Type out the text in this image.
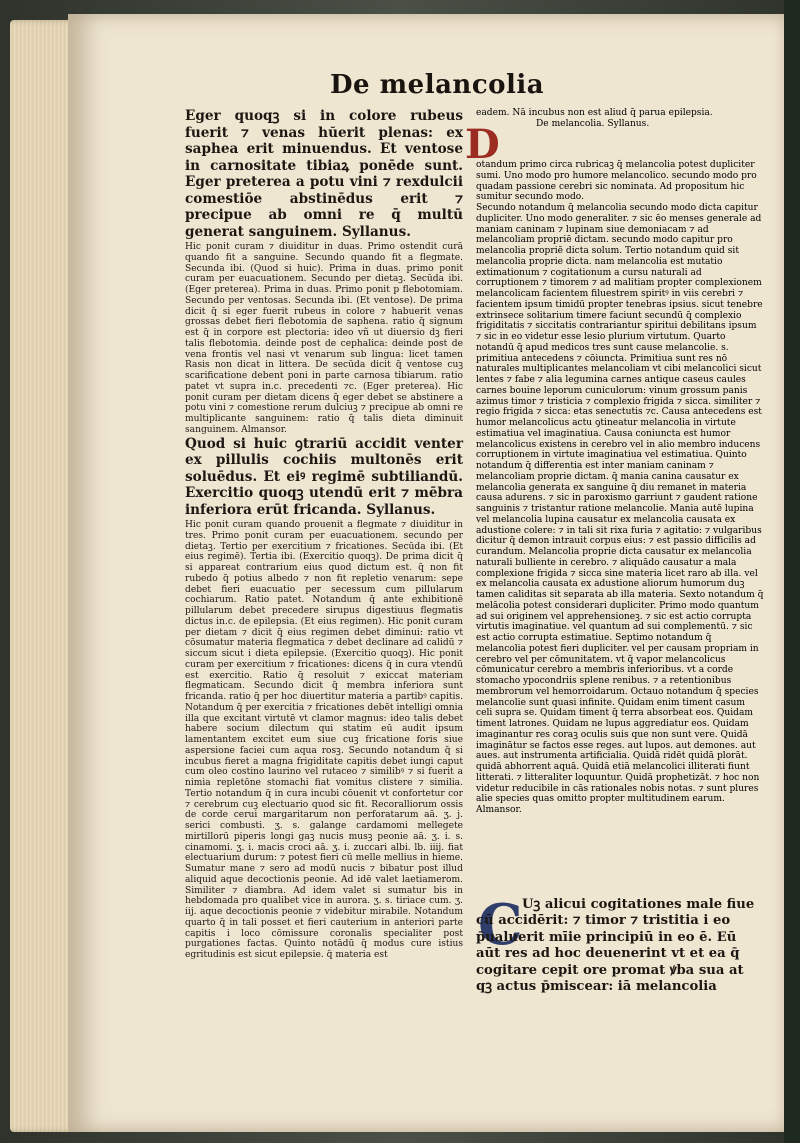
De melancolia

Eger quoqꝫ si in colore rubeus fuerit ⁊ venas hŭerit plenas: ex saphea erit minuendus. Et ventose in carnositate tibiaꝝ ponēde sunt. Eger preterea a potu vini ⁊ rexdulcii comestiōe abstinēdus erit ⁊ precipue ab omni re q̄ multū generat sanguinem. Syllanus.

Hic ponit curam ⁊ diuiditur in duas. Primo ostendit curā quando fit a sanguine. Secundo quando fit a flegmate. Secunda ibi. (Quod si huic). Prima in duas. primo ponit curam per euacuationem. Secundo per dietaꝫ. Secūda ibi. (Eger preterea). Prima in duas. Primo ponit p flebotomiam. Secundo per ventosas. Secunda ibi. (Et ventose). De prima dicit q̄ si eger fuerit rubeus in colore ⁊ habuerit venas grossas debet fieri flebotomia de saphena. ratio q̄ signum est q̄ in corpore est plectoria: ideo vñ ut diuersio dꝫ fieri talis flebotomia. deinde post de cephalica: deinde post de vena frontis vel nasi vt venarum sub lingua: licet tamen Rasis non dicat in littera. De secūda dicit q̄ ventose cuꝫ scarificatione debent poni in parte carnosa tibiarum. ratio patet vt supra in.c. precedenti ⁊c. (Eger preterea). Hic ponit curam per dietam dicens q̄ eger debet se abstinere a potu vini ⁊ comestione rerum dulciuꝫ ⁊ precipue ab omni re multiplicante sanguinem: ratio q̄ talis dieta diminuit sanguinem. Almansor.

Quod si huic ꝯtrariū accidit venter ex pillulis cochiis multonēs erit soluēdus. Et eiꝰ regimē subtiliandū. Exercitio quoqꝫ utendū erit ⁊ mēbra inferiora erūt fricanda. Syllanus.

Hic ponit curam quando prouenit a flegmate ⁊ diuiditur in tres. Primo ponit curam per euacuationem. secundo per dietaꝫ. Tertio per exercitium ⁊ fricationes. Secūda ibi. (Et eius regimē). Tertia ibi. (Exercitio quoqꝫ). De prima dicit q̄ si appareat contrarium eius quod dictum est. q̄ non fit rubedo q̄ potius albedo ⁊ non fit repletio venarum: sepe debet fieri euacuatio per secessum cum pillularum cochiarum. Ratio patet. Notandum q̄ ante exhibitionē pillularum debet precedere sirupus digestiuus flegmatis dictus in.c. de epilepsia. (Et eius regimen). Hic ponit curam per dietam ⁊ dicit q̄ eius regimen debet diminui: ratio vt cōsumatur materia flegmatica ⁊ debet declinare ad calidū ⁊ siccum sicut i dieta epilepsie. (Exercitio quoqꝫ). Hic ponit curam per exercitium ⁊ fricationes: dicens q̄ in cura vtendū est exercitio. Ratio q̄ resoluit ⁊ exiccat materiam flegmaticam. Secundo dicit q̄ membra inferiora sunt fricanda. ratio q̄ per hoc diuertitur materia a partibꝰ capitis. Notandum q̄ per exercitia ⁊ fricationes debēt intelligi omnia illa que excitant virtutē vt clamor magnus: ideo talis debet habere socium dilectum qui statim eū audit ipsum lamentantem excitet eum siue cuꝫ fricatione foris siue aspersione faciei cum aqua rosꝫ. Secundo notandum q̄ si incubus fieret a magna frigiditate capitis debet iungi caput cum oleo costino laurino vel rutaceo ⁊ similibꝰ ⁊ si fuerit a nimia repletōne stomachi fiat vomitus clistere ⁊ similia. Tertio notandum q̄ in cura incubi cōuenit vt confortetur cor ⁊ cerebrum cuꝫ electuario quod sic fit. Recoralliorum ossis de corde cerui margaritarum non perforatarum aā. ʒ. j. serici combusti. ʒ. s. galange cardamomi mellegete mirtillorū piperis longi gaꝫ nucis musꝫ peonie aā. ʒ. i. s. cinamomi. ʒ. i. macis croci aā. ʒ. i. zuccari albi. lb. iiij. fiat electuarium durum: ⁊ potest fieri cū melle mellius in hieme. Sumatur mane ⁊ sero ad modū nucis ⁊ bibatur post illud aliquid aque decoctionis peonie. Ad idē valet laetiamerom. Similiter ⁊ diambra. Ad idem valet si sumatur bis in hebdomada pro qualibet vice in aurora. ʒ. s. tiriace cum. ʒ. iij. aque decoctionis peonie ⁊ videbitur mirabile. Notandum quarto q̄ in tali posset et fieri cauterium in anteriori parte capitis i loco cōmissure coronalis specialiter post purgationes factas. Quinto notādū q̄ modus cure istius egritudinis est sicut epilepsie. q̄ materia est

eadem. Nā incubus non est aliud q̄ parua epilepsia.

De melancolia. Syllanus.

D

otandum primo circa rubricaꝫ q̄ melancolia potest dupliciter sumi. Uno modo pro humore melancolico. secundo modo pro quadam passione cerebri sic nominata. Ad propositum hic sumitur secundo modo.

Secundo notandum q̄ melancolia secundo modo dicta capitur dupliciter. Uno modo generaliter. ⁊ sic ēo menses generale ad maniam caninam ⁊ lupinam siue demoniacam ⁊ ad melancoliam propriē dictam. secundo modo capitur pro melancolia propriē dicta solum. Tertio notandum quid sit melancolia proprie dicta. nam melancolia est mutatio extimationum ⁊ cogitationum a cursu naturali ad corruptionem ⁊ timorem ⁊ ad malitiam propter complexionem melancolicam facientem filuestrem spiritꝰ in viis cerebri ⁊ facientem ipsum timidū propter tenebras ipsius. sicut tenebre extrinsece solitarium timere faciunt secundū q̄ complexio frigiditatis ⁊ siccitatis contrariantur spiritui debilitans ipsum ⁊ sic in eo videtur esse lesio plurium virtutum. Quarto notandū q̄ apud medicos tres sunt cause melancolie. s. primitiua antecedens ⁊ cōiuncta. Primitiua sunt res nō naturales multiplicantes melancoliam vt cibi melancolici sicut lentes ⁊ fabe ⁊ alia legumina carnes antique caseus caules carnes bouine leporum cuniculorum: vinum grossum panis azimus timor ⁊ tristicia ⁊ complexio frigida ⁊ sicca. similiter ⁊ regio frigida ⁊ sicca: etas senectutis ⁊c. Causa antecedens est humor melancolicus actu ꝯtineatur melancolia in virtute estimatiua vel imaginatiua. Causa coniuncta est humor melancolicus existens in cerebro vel in alio membro inducens corruptionem in virtute imaginatiua vel estimatiua. Quinto notandum q̄ differentia est inter maniam caninam ⁊ melancoliam proprie dictam. q̄ mania canina causatur ex melancolia generata ex sanguine q̄ diu remanet in materia causa adurens. ⁊ sic in paroxismo garriunt ⁊ gaudent ratione sanguinis ⁊ tristantur ratione melancolie. Mania autē lupina vel melancolia lupina causatur ex melancolia causata ex adustione colere: ⁊ in tali sit rixa furia ⁊ agitatio: ⁊ vulgaribus dicitur q̄ demon intrauit corpus eius: ⁊ est passio difficilis ad curandum. Melancolia proprie dicta causatur ex melancolia naturali bulliente in cerebro. ⁊ aliquādo causatur a mala complexione frigida ⁊ sicca sine materia licet raro ab illa. vel ex melancolia causata ex adustione aliorum humorum duꝫ tamen caliditas sit separata ab illa materia. Sexto notandum q̄ melācolia potest considerari dupliciter. Primo modo quantum ad sui originem vel apprehensioneꝫ. ⁊ sic est actio corrupta virtutis imaginatiue. vel quantum ad sui complementū. ⁊ sic est actio corrupta estimatiue. Septimo notandum q̄ melancolia potest fieri dupliciter. vel per causam propriam in cerebro vel per cōmunitatem. vt q̄ vapor melancolicus cōmunicatur cerebro a membris inferioribus. vt a corde stomacho ypocondriis splene renibus. ⁊ a retentionibus membrorum vel hemorroidarum. Octauo notandum q̄ species melancolie sunt quasi infinite. Quidam enim timent casum celi supra se. Quidam timent q̄ terra absorbeat eos. Quidam timent latrones. Quidam ne lupus aggrediatur eos. Quidam imaginantur res coraꝫ oculis suis que non sunt vere. Quidā imaginātur se factos esse reges. aut lupos. aut demones. aut aues. aut instrumenta artificialia. Quidā ridēt quidā plorāt. quidā abhorrent aquā. Quidā etiā melancolici illiterati fiunt litterati. ⁊ litteraliter loquuntur. Quidā prophetizāt. ⁊ hoc non videtur reducibile in cās rationales nobis notas. ⁊ sunt plures alie species quas omitto propter multitudinem earum. Almansor.

C Uꝫ alicui cogitationes male fiue cū accidērit: ⁊ timor ⁊ tristitia i eo p̄ualuerit mīie principiū in eo ē. Eū aūt res ad hoc deuenerint vt et ea q̄ cogitare cepit ore promat ꝟba sua at qꝫ actus p̄miscear: iā melancolia
